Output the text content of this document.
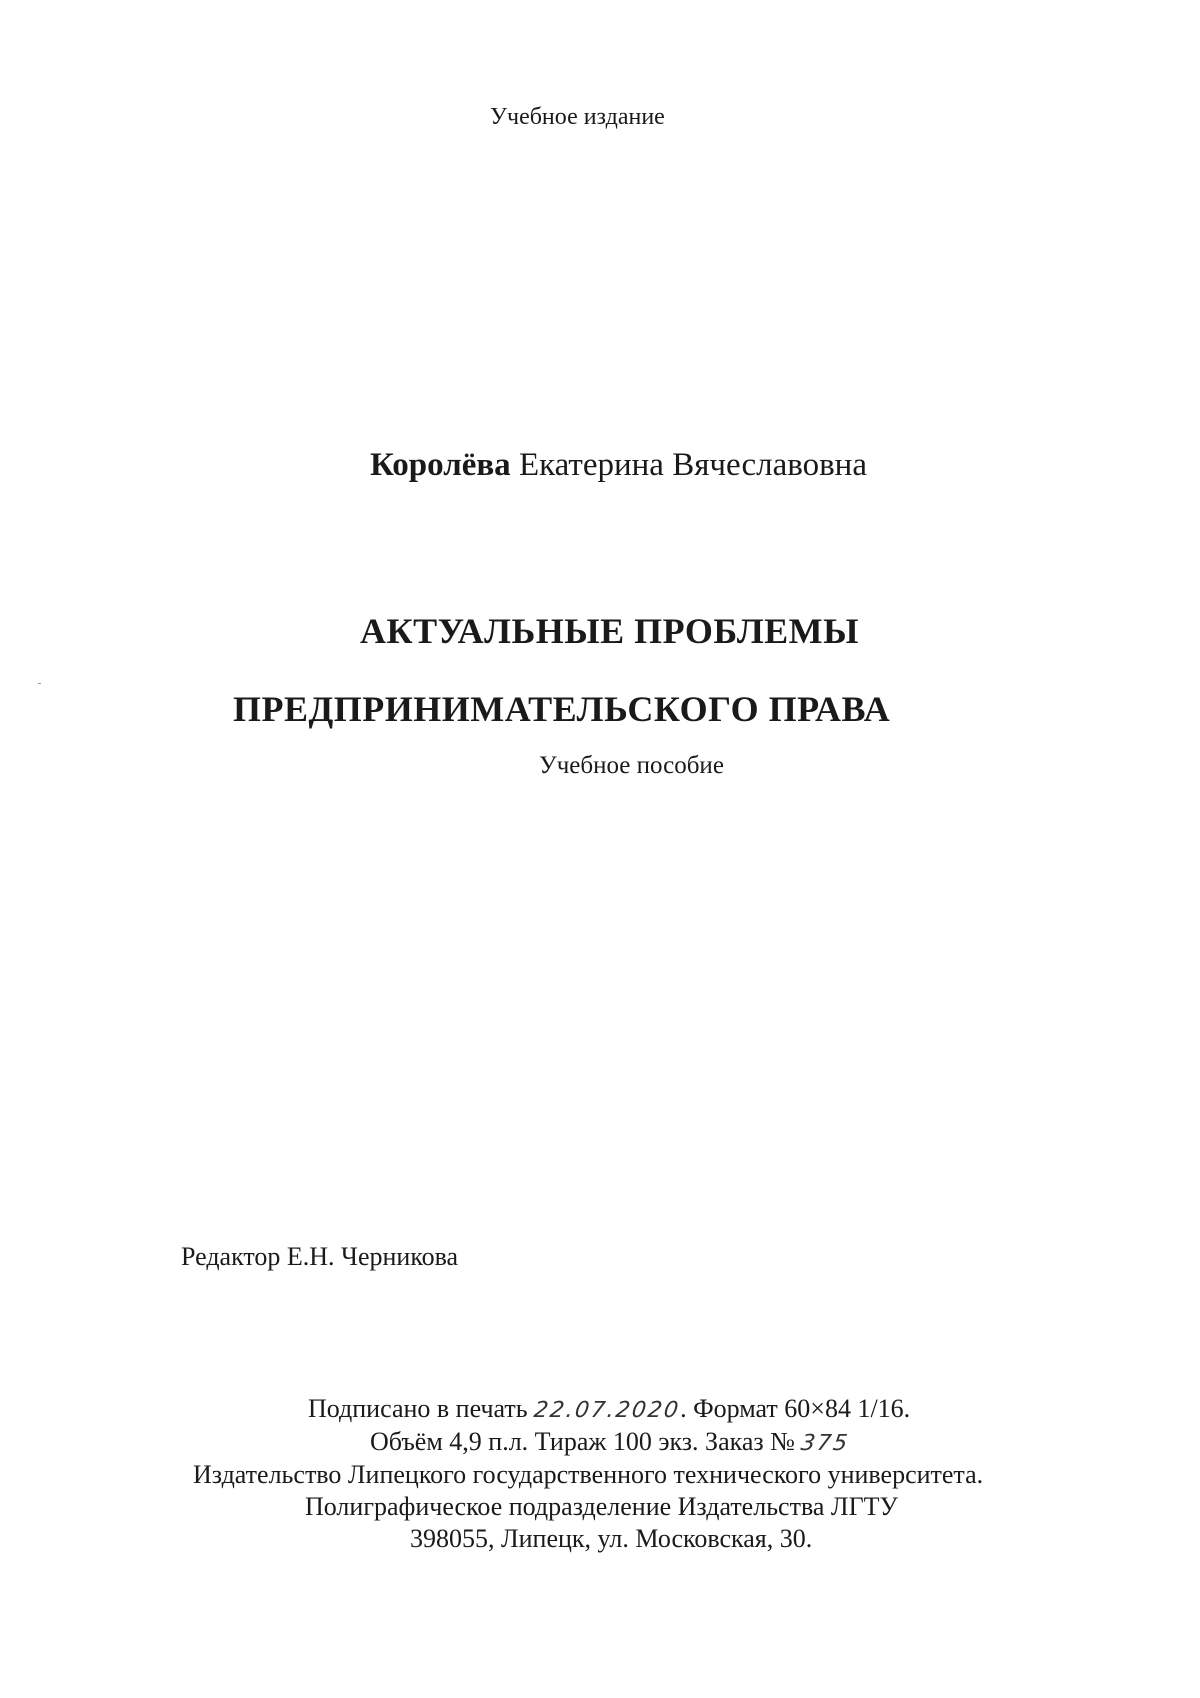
Учебное издание
Королёва Екатерина Вячеславовна
АКТУАЛЬНЫЕ ПРОБЛЕМЫ
ПРЕДПРИНИМАТЕЛЬСКОГО ПРАВА
Учебное пособие
Редактор Е.Н. Черникова
Подписано в печать 22.07.2020. Формат 60×84 1/16.
Объём 4,9 п.л. Тираж 100 экз. Заказ № 375
Издательство Липецкого государственного технического университета.
Полиграфическое подразделение Издательства ЛГТУ
398055, Липецк, ул. Московская, 30.
